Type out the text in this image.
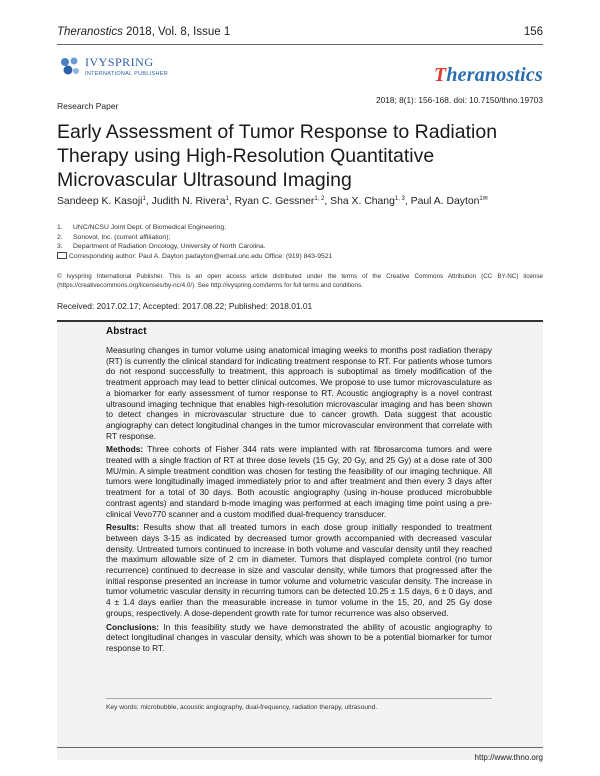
Theranostics 2018, Vol. 8, Issue 1	156
IVYSPRING
INTERNATIONAL PUBLISHER	Theranostics
2018; 8(1): 156-168. doi: 10.7150/thno.19703
Research Paper
Early Assessment of Tumor Response to Radiation Therapy using High-Resolution Quantitative Microvascular Ultrasound Imaging
Sandeep K. Kasoji$^1$, Judith N. Rivera$^1$, Ryan C. Gessner$^{1, 2}$, Sha X. Chang$^{1, 3}$, Paul A. Dayton$^{1✉}$
1. UNC/NCSU Joint Dept. of Biomedical Engineering;
2. Sonovol, Inc. (current affiliation);
3. Department of Radiation Oncology, University of North Carolina.
Corresponding author: Paul A. Dayton padayton@email.unc.edu Office: (919) 843-9521
© Ivyspring International Publisher. This is an open access article distributed under the terms of the Creative Commons Attribution (CC BY-NC) license (https://creativecommons.org/licenses/by-nc/4.0/). See http://ivyspring.com/terms for full terms and conditions.
Received: 2017.02.17; Accepted: 2017.08.22; Published: 2018.01.01
Abstract

Measuring changes in tumor volume using anatomical imaging weeks to months post radiation therapy (RT) is currently the clinical standard for indicating treatment response to RT. For patients whose tumors do not respond successfully to treatment, this approach is suboptimal as timely modification of the treatment approach may lead to better clinical outcomes. We propose to use tumor microvasculature as a biomarker for early assessment of tumor response to RT. Acoustic angiography is a novel contrast ultrasound imaging technique that enables high-resolution microvascular imaging and has been shown to detect changes in microvascular structure due to cancer growth. Data suggest that acoustic angiography can detect longitudinal changes in the tumor microvascular environment that correlate with RT response.

Methods: Three cohorts of Fisher 344 rats were implanted with rat fibrosarcoma tumors and were treated with a single fraction of RT at three dose levels (15 Gy, 20 Gy, and 25 Gy) at a dose rate of 300 MU/min. A simple treatment condition was chosen for testing the feasibility of our imaging technique. All tumors were longitudinally imaged immediately prior to and after treatment and then every 3 days after treatment for a total of 30 days. Both acoustic angiography (using in-house produced microbubble contrast agents) and standard b-mode imaging was performed at each imaging time point using a pre-clinical Vevo770 scanner and a custom modified dual-frequency transducer.

Results: Results show that all treated tumors in each dose group initially responded to treatment between days 3-15 as indicated by decreased tumor growth accompanied with decreased vascular density. Untreated tumors continued to increase in both volume and vascular density until they reached the maximum allowable size of 2 cm in diameter. Tumors that displayed complete control (no tumor recurrence) continued to decrease in size and vascular density, while tumors that progressed after the initial response presented an increase in tumor volume and volumetric vascular density. The increase in tumor volumetric vascular density in recurring tumors can be detected 10.25 ± 1.5 days, 6 ± 0 days, and 4 ± 1.4 days earlier than the measurable increase in tumor volume in the 15, 20, and 25 Gy dose groups, respectively. A dose-dependent growth rate for tumor recurrence was also observed.

Conclusions: In this feasibility study we have demonstrated the ability of acoustic angiography to detect longitudinal changes in vascular density, which was shown to be a potential biomarker for tumor response to RT.

Key words: microbubble, acoustic angiography, dual-frequency, radiation therapy, ultrasound.
http://www.thno.org
